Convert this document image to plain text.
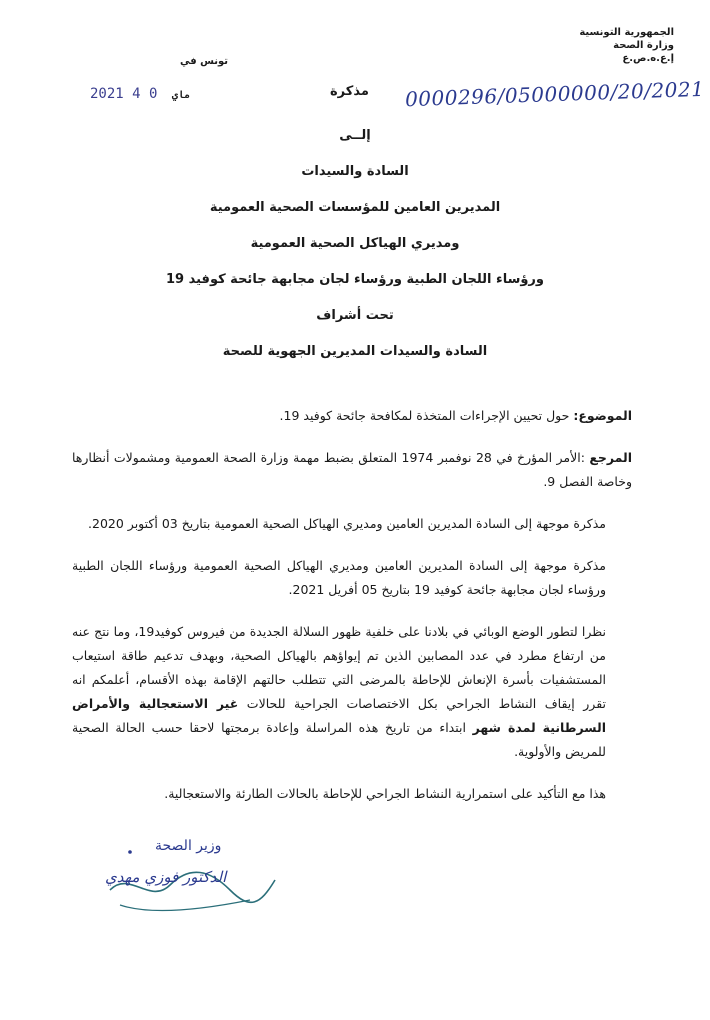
الجمهورية التونسية
وزارة الصحة
إ.ع.ه.ص.ع
تونس في
2021	ماي 0 4	مذكرة 0000296/05000000/20/2021
إلــى
السادة والسيدات
المديرين العامين للمؤسسات الصحية العمومية
ومديري الهياكل الصحية العمومية
ورؤساء اللجان الطبية ورؤساء لجان مجابهة جائحة كوفيد 19
تحت أشراف
السادة والسيدات المديرين الجهوية للصحة

الموضوع: حول تحيين الإجراءات المتخذة لمكافحة جائحة كوفيد 19.

المرجع :الأمر المؤرخ في 28 نوفمبر 1974 المتعلق بضبط مهمة وزارة الصحة العمومية ومشمولات أنظارها وخاصة الفصل 9.

مذكرة موجهة إلى السادة المديرين العامين ومديري الهياكل الصحية العمومية بتاريخ 03 أكتوبر 2020.

مذكرة موجهة إلى السادة المديرين العامين ومديري الهياكل الصحية العمومية ورؤساء اللجان الطبية ورؤساء لجان مجابهة جائحة كوفيد 19 بتاريخ 05 أفريل 2021.

نظرا لتطور الوضع الوبائي في بلادنا على خلفية ظهور السلالة الجديدة من فيروس كوفيد19، وما نتج عنه من ارتفاع مطرد في عدد المصابين الذين تم إيواؤهم بالهياكل الصحية، وبهدف تدعيم طاقة استيعاب المستشفيات بأسرة الإنعاش للإحاطة بالمرضى التي تتطلب حالتهم الإقامة بهذه الأقسام، أعلمكم انه تقرر إيقاف النشاط الجراحي بكل الاختصاصات الجراحية للحالات غير الاستعجالية والأمراض السرطانية لمدة شهر ابتداء من تاريخ هذه المراسلة وإعادة برمجتها لاحقا حسب الحالة الصحية للمريض والأولوية.

هذا مع التأكيد على استمرارية النشاط الجراحي للإحاطة بالحالات الطارئة والاستعجالية.

وزير الصحة
الدكتور فوزي مهدي
